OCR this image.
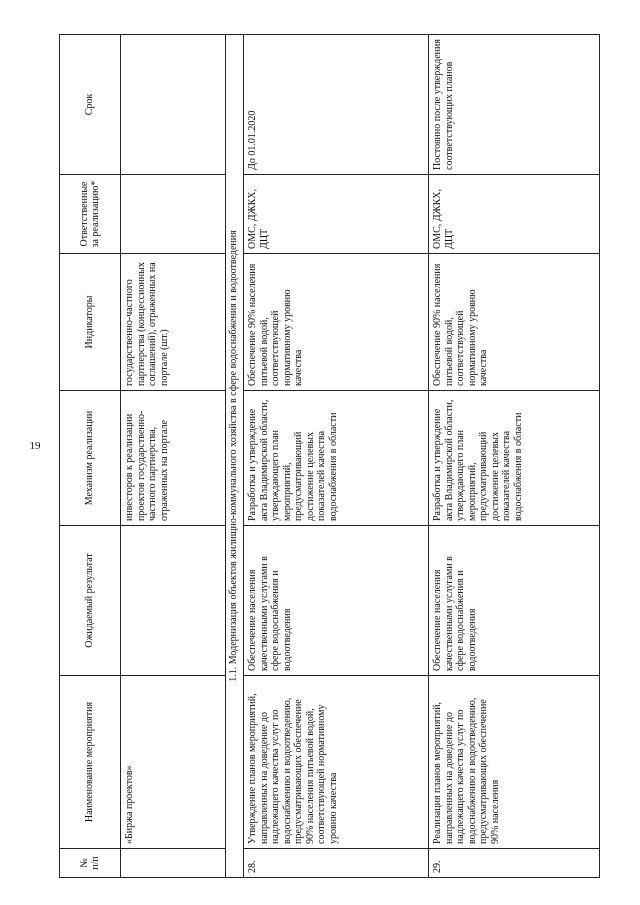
19
№ п/п	Наименование мероприятия	Ожидаемый результат	Механизм реализации	Индикаторы	Ответственные за реализацию*	Срок
	«Биржа проектов»		инвесторов к реализации проектов государственно-частного партнерства, отраженных на портале	государственно-частного партнерства (концессионных соглашений), отраженных на портале (шт.)		
1.1. Модернизация объектов жилищно-коммунального хозяйства в сфере водоснабжения и водоотведения						
28.	Утверждение планов мероприятий, направленных на доведение до надлежащего качества услуг по водоснабжению и водоотведению, предусматривающих обеспечение 90% населения питьевой водой, соответствующей нормативному уровню качества	Обеспечение населения качественными услугами в сфере водоснабжения и водоотведения	Разработка и утверждение акта Владимирской области, утверждающего план мероприятий, предусматривающий достижение целевых показателей качества водоснабжения в области	Обеспечение 90% населения питьевой водой, соответствующей нормативному уровню качества	ОМС, ДЖКХ, ДЦТ	До 01.01.2020
29.	Реализация планов мероприятий, направленных на доведение до надлежащего качества услуг по водоснабжению и водоотведению, предусматривающих обеспечение 90% населения	Обеспечение населения качественными услугами в сфере водоснабжения и водоотведения	Разработка и утверждение акта Владимирской области, утверждающего план мероприятий, предусматривающий достижение целевых показателей качества водоснабжения в области	Обеспечение 90% населения питьевой водой, соответствующей нормативному уровню качества	ОМС, ДЖКХ, ДЦТ	Постоянно после утверждения соответствующих планов
